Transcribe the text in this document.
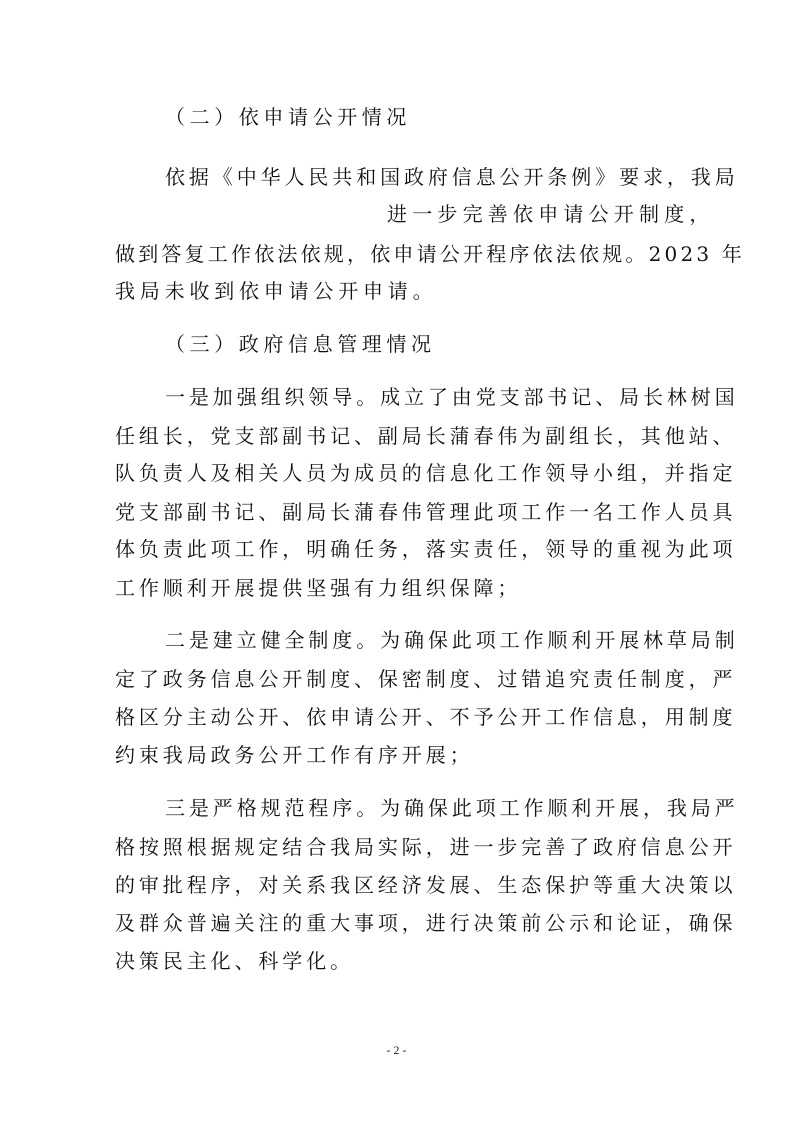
（二）依申请公开情况
依据《中华人民共和国政府信息公开条例》要求，我局
进一步完善依申请公开制度，
做到答复工作依法依规，依申请公开程序依法依规。2023 年
我局未收到依申请公开申请。
（三）政府信息管理情况
一是加强组织领导。成立了由党支部书记、局长林树国
任组长，党支部副书记、副局长蒲春伟为副组长，其他站、
队负责人及相关人员为成员的信息化工作领导小组，并指定
党支部副书记、副局长蒲春伟管理此项工作一名工作人员具
体负责此项工作，明确任务，落实责任，领导的重视为此项
工作顺利开展提供坚强有力组织保障；
二是建立健全制度。为确保此项工作顺利开展林草局制
定了政务信息公开制度、保密制度、过错追究责任制度，严
格区分主动公开、依申请公开、不予公开工作信息，用制度
约束我局政务公开工作有序开展；
三是严格规范程序。为确保此项工作顺利开展，我局严
格按照根据规定结合我局实际，进一步完善了政府信息公开
的审批程序，对关系我区经济发展、生态保护等重大决策以
及群众普遍关注的重大事项，进行决策前公示和论证，确保
决策民主化、科学化。
- 2 -
